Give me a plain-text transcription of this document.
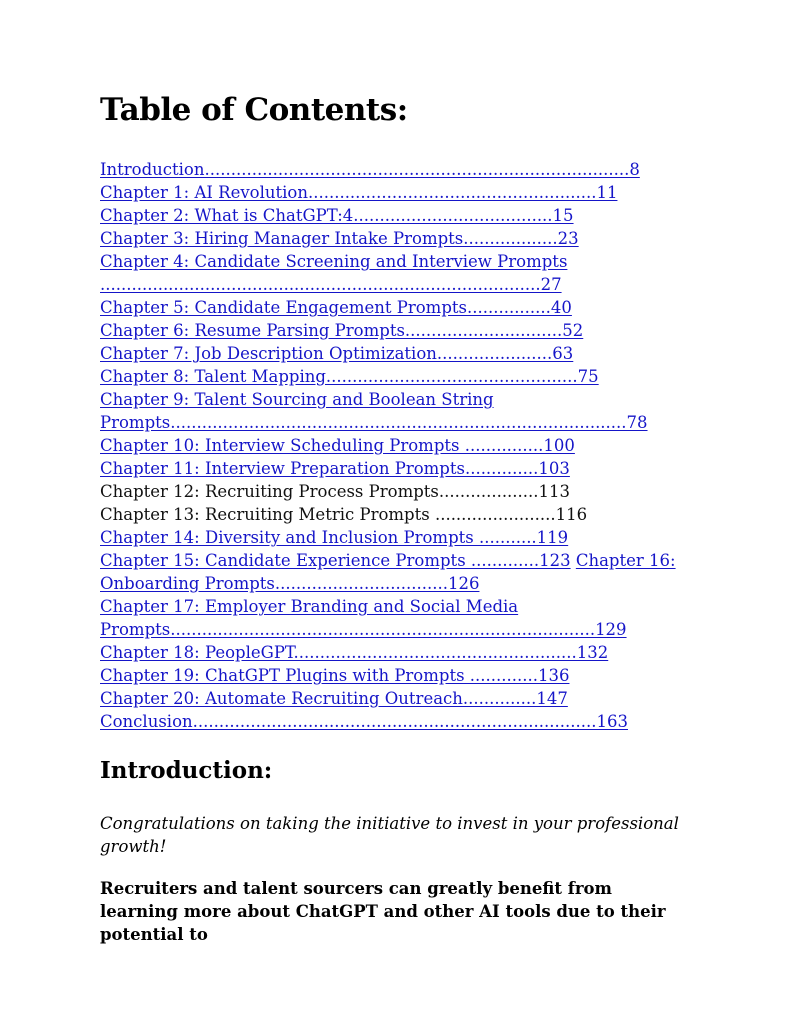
Table of Contents:
Introduction.................................................................................8
Chapter 1: AI Revolution.......................................................11
Chapter 2: What is ChatGPT:4......................................15
Chapter 3: Hiring Manager Intake Prompts..................23
Chapter 4: Candidate Screening and Interview Prompts
....................................................................................27
Chapter 5: Candidate Engagement Prompts................40
Chapter 6: Resume Parsing Prompts..............................52
Chapter 7: Job Description Optimization......................63
Chapter 8: Talent Mapping................................................75
Chapter 9: Talent Sourcing and Boolean String
Prompts.......................................................................................78
Chapter 10: Interview Scheduling Prompts ...............100
Chapter 11: Interview Preparation Prompts..............103
Chapter 12: Recruiting Process Prompts...................113
Chapter 13: Recruiting Metric Prompts .......................116
Chapter 14: Diversity and Inclusion Prompts ...........119
Chapter 15: Candidate Experience Prompts .............123 Chapter 16:
Onboarding Prompts.................................126
Chapter 17: Employer Branding and Social Media
Prompts.................................................................................129
Chapter 18: PeopleGPT......................................................132
Chapter 19: ChatGPT Plugins with Prompts .............136
Chapter 20: Automate Recruiting Outreach..............147
Conclusion.............................................................................163
Introduction:

Congratulations on taking the initiative to invest in your professional growth!

Recruiters and talent sourcers can greatly benefit from learning more about ChatGPT and other AI tools due to their potential to
